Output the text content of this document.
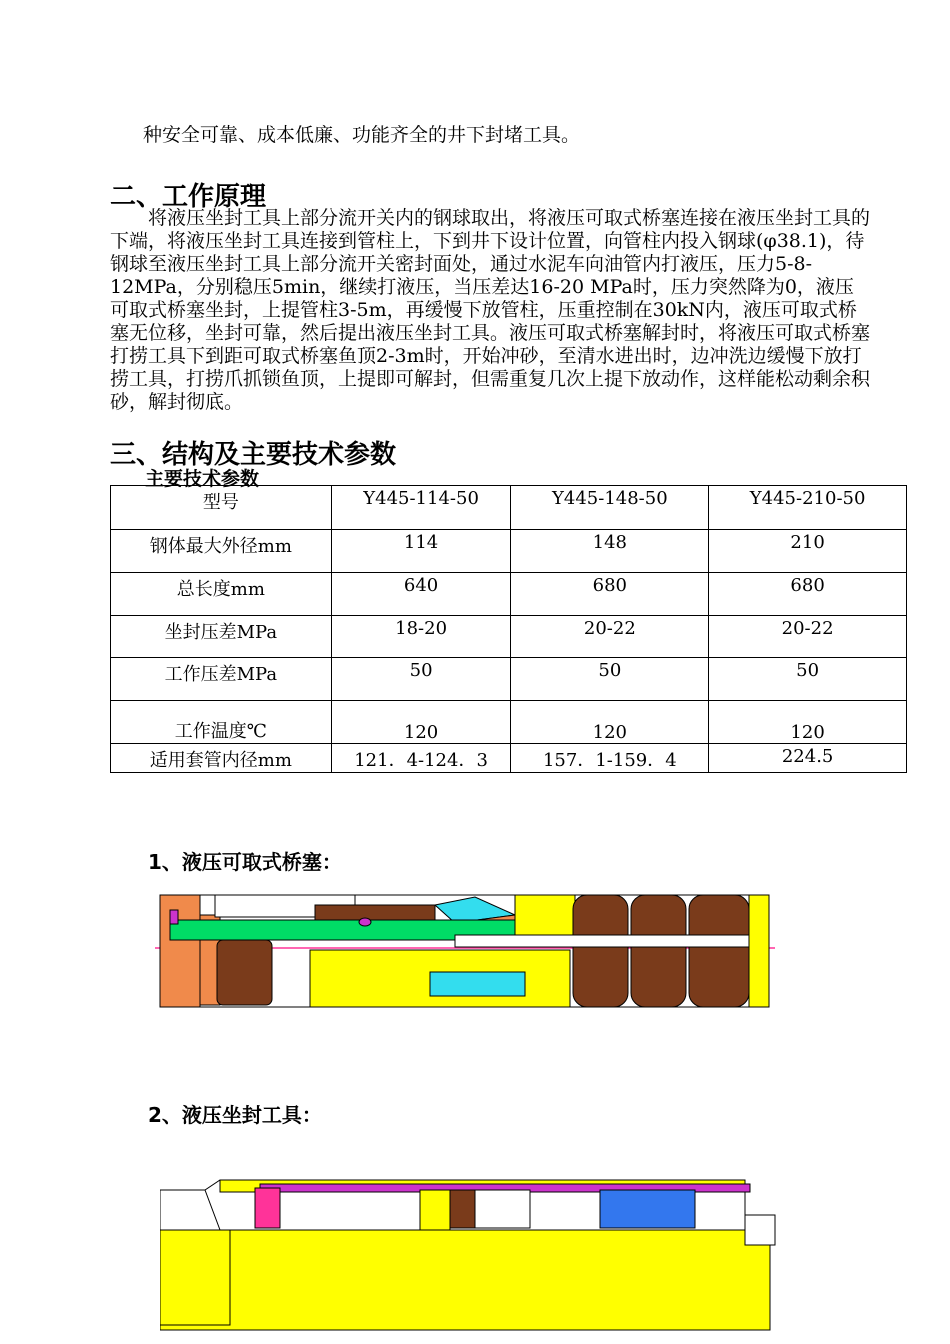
种安全可靠、成本低廉、功能齐全的井下封堵工具。
二、工作原理

将液压坐封工具上部分流开关内的钢球取出，将液压可取式桥塞连接在液压坐封工具的下端，将液压坐封工具连接到管柱上，下到井下设计位置，向管柱内投入钢球(φ38.1)，待钢球至液压坐封工具上部分流开关密封面处，通过水泥车向油管内打液压，压力5-8-12MPa，分别稳压5min，继续打液压，当压差达16-20 MPa时，压力突然降为0，液压可取式桥塞坐封，上提管柱3-5m，再缓慢下放管柱，压重控制在30kN内，液压可取式桥塞无位移，坐封可靠，然后提出液压坐封工具。液压可取式桥塞解封时，将液压可取式桥塞打捞工具下到距可取式桥塞鱼顶2-3m时，开始冲砂，至清水进出时，边冲洗边缓慢下放打捞工具，打捞爪抓锁鱼顶，上提即可解封，但需重复几次上提下放动作，这样能松动剩余积砂，解封彻底。

三、结构及主要技术参数
主要技术参数
型号	Y445-114-50	Y445-148-50	Y445-210-50
钢体最大外径mm	114	148	210
总长度mm	640	680	680
坐封压差MPa	18-20	20-22	20-22
工作压差MPa	50	50	50
工作温度℃	120	120	120
适用套管内径mm	121．4-124．3	157．1-159．4	224.5
1、液压可取式桥塞：
2、液压坐封工具：
